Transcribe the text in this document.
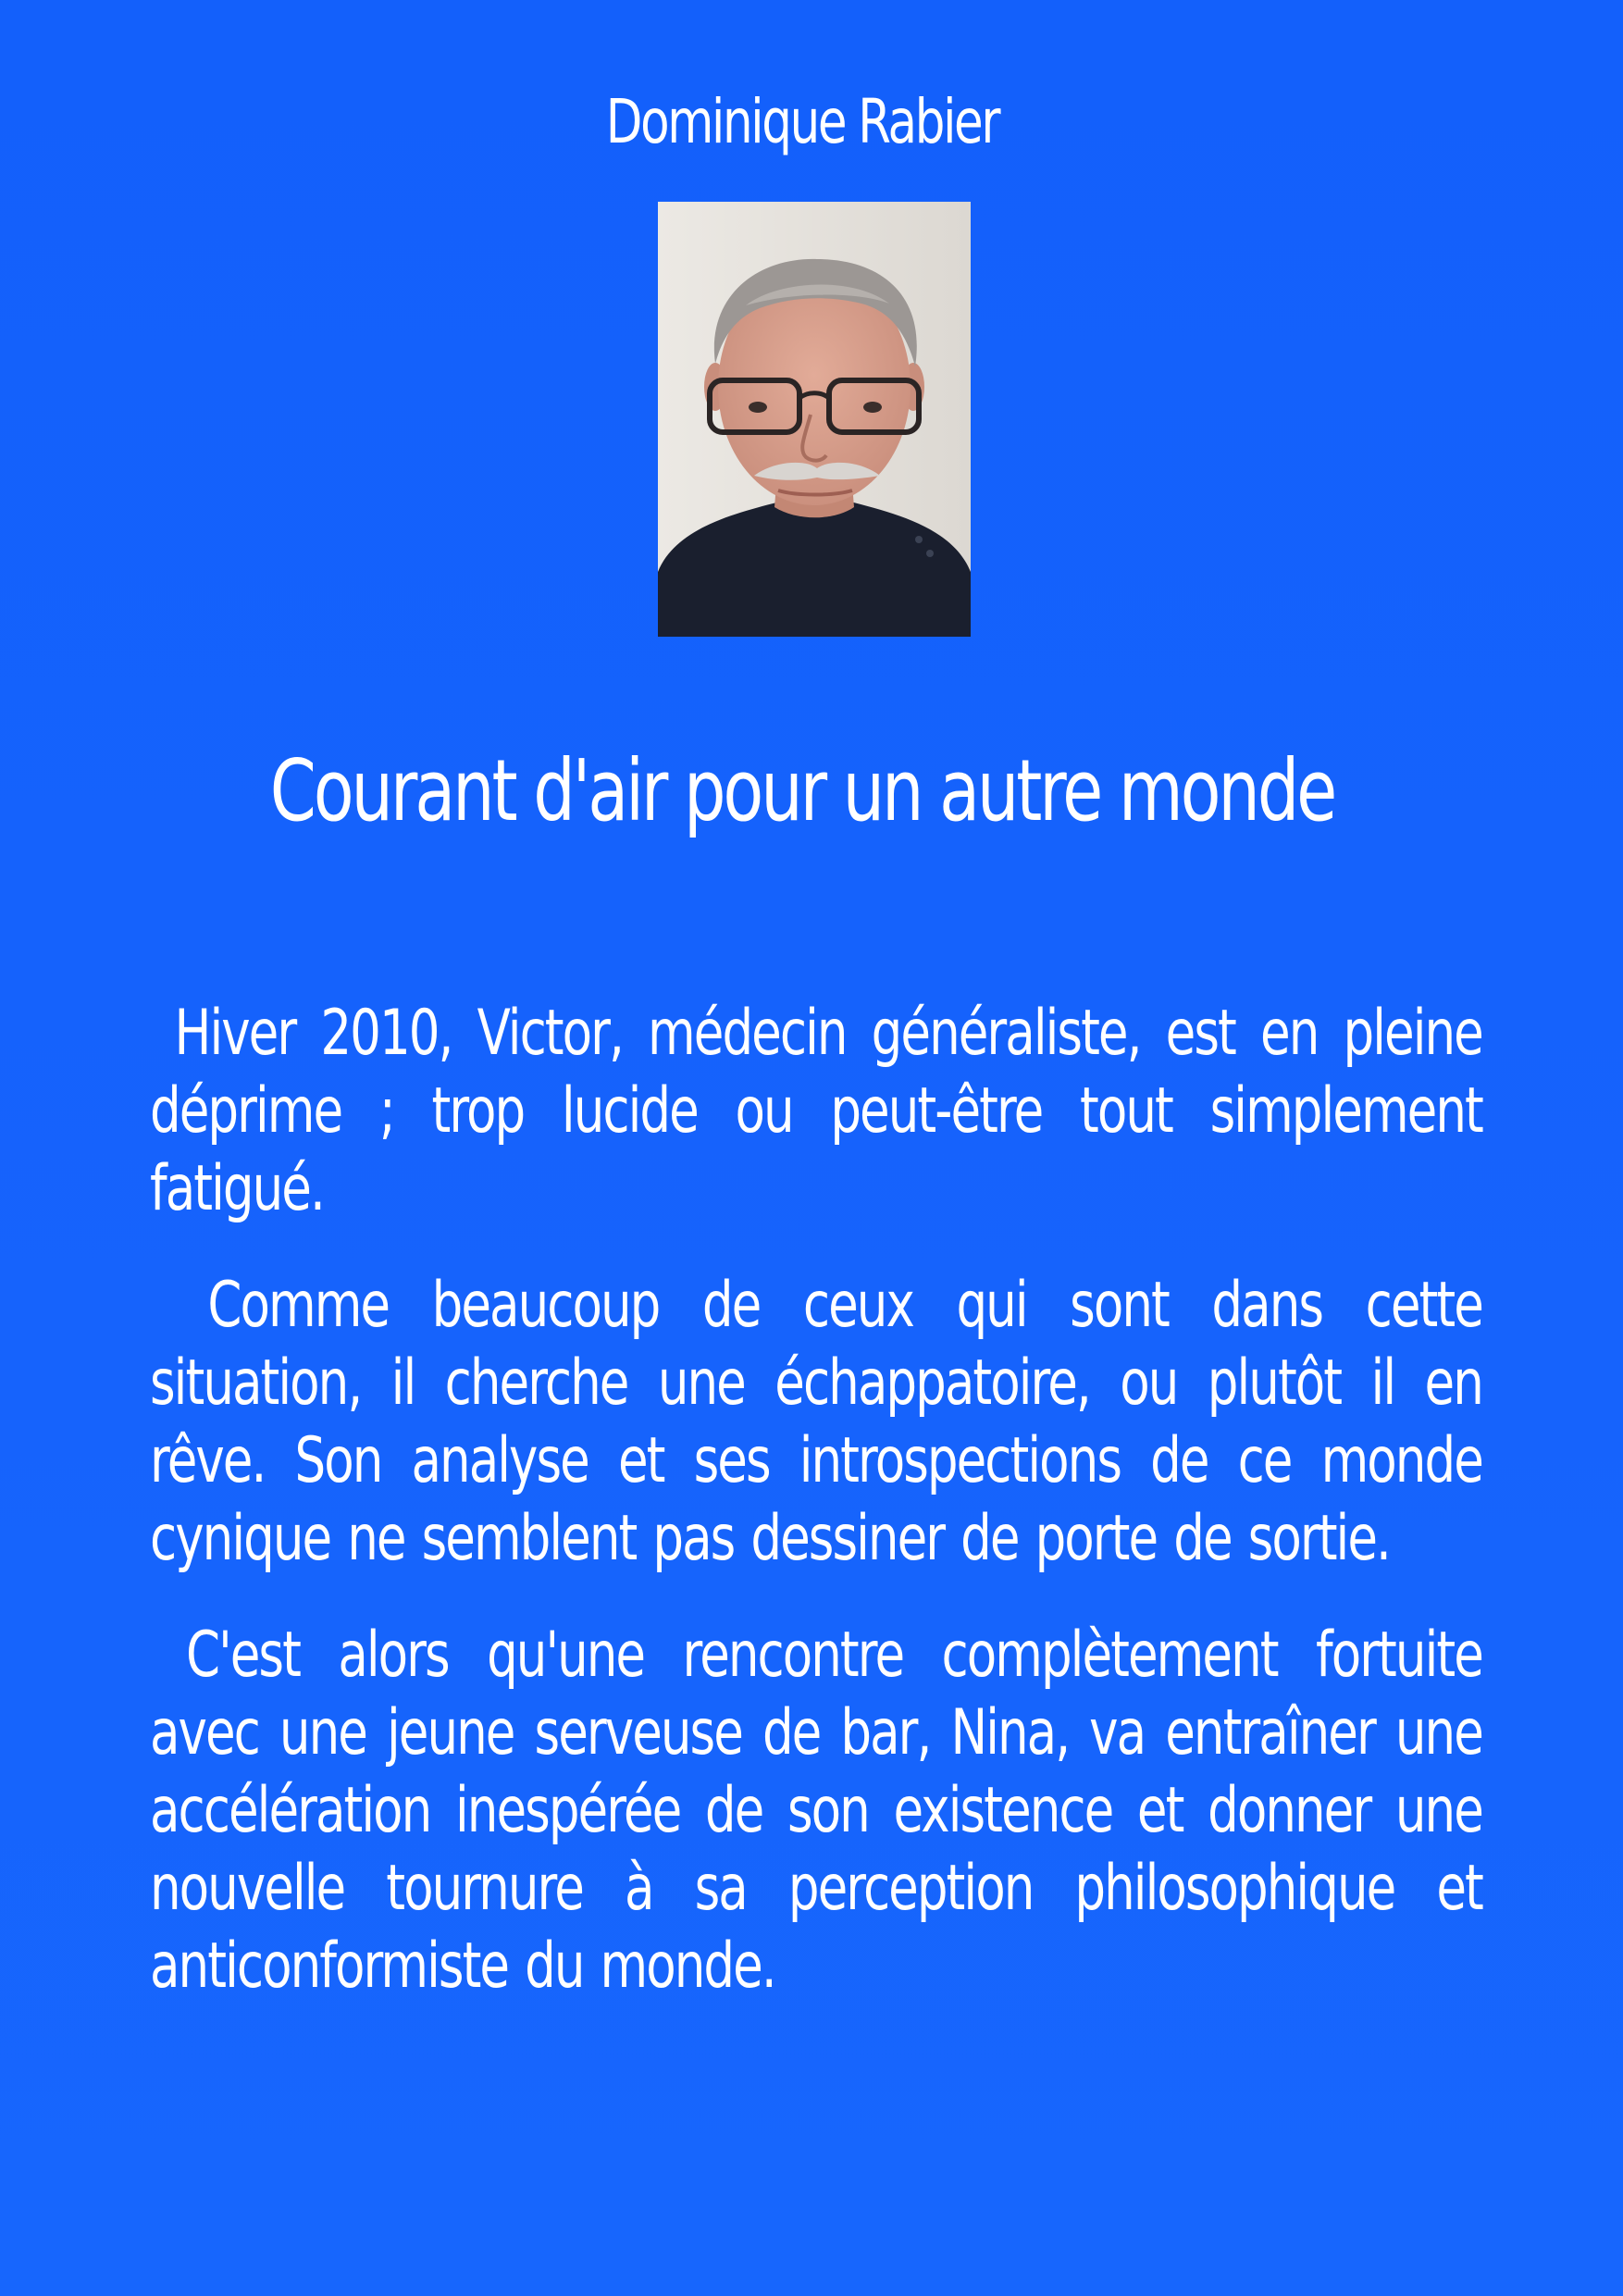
Dominique Rabier
Courant d'air pour un autre monde

Hiver 2010, Victor, médecin généraliste, est en pleine déprime ; trop lucide ou peut-être tout simplement fatigué.

Comme beaucoup de ceux qui sont dans cette situation, il cherche une échappatoire, ou plutôt il en rêve. Son analyse et ses introspections de ce monde cynique ne semblent pas dessiner de porte de sortie.

C'est alors qu'une rencontre complètement fortuite avec une jeune serveuse de bar, Nina, va entraîner une accélération inespérée de son existence et donner une nouvelle tournure à sa perception philosophique et anticonformiste du monde.
